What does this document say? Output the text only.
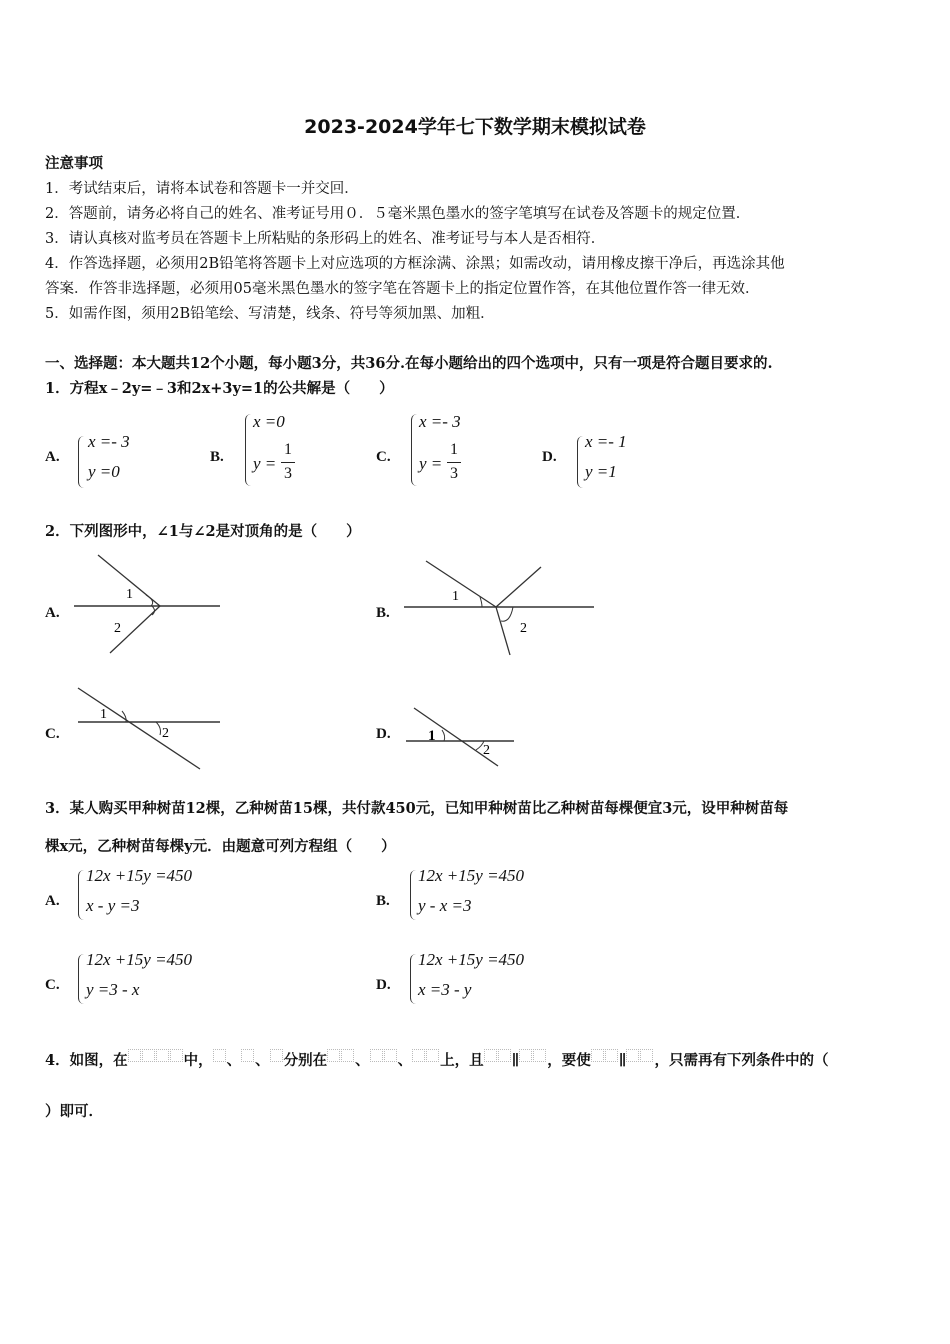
2023-2024学年七下数学期末模拟试卷
注意事项
1．考试结束后，请将本试卷和答题卡一并交回．
2．答题前，请务必将自己的姓名、准考证号用０．５毫米黑色墨水的签字笔填写在试卷及答题卡的规定位置．
3．请认真核对监考员在答题卡上所粘贴的条形码上的姓名、准考证号与本人是否相符．
4．作答选择题，必须用2B铅笔将答题卡上对应选项的方框涂满、涂黑；如需改动，请用橡皮擦干净后，再选涂其他
答案．作答非选择题，必须用05毫米黑色墨水的签字笔在答题卡上的指定位置作答，在其他位置作答一律无效．
5．如需作图，须用2B铅笔绘、写清楚，线条、符号等须加黑、加粗．
一、选择题：本大题共12个小题，每小题3分，共36分.在每小题给出的四个选项中，只有一项是符合题目要求的.
1．方程x﹣2y=﹣3和2x+3y=1的公共解是（　　）
A.
x =- 3
y =0
B.
x =0
y =
1
3
C.
x =- 3
y =
1
3
D.
x =- 1
y =1
2．下列图形中，∠1与∠2是对顶角的是（　　）
A.
1
2
B.
1
2
C.
1
2	D. 1
2
3．某人购买甲种树苗12棵，乙种树苗15棵，共付款450元，已知甲种树苗比乙种树苗每棵便宜3元，设甲种树苗每
棵x元，乙种树苗每棵y元．由题意可列方程组（　　）
A.
12x +15y =450
x - y =3	B.
12x +15y =450
y - x =3
C.
12x +15y =450
y =3 - x	D.
12x +15y =450
x =3 - y
4．如图，在	中， 、 、 分别在 、 、 上，且 ∥ ，要使 ∥ ，只需再有下列条件中的（
）即可．
